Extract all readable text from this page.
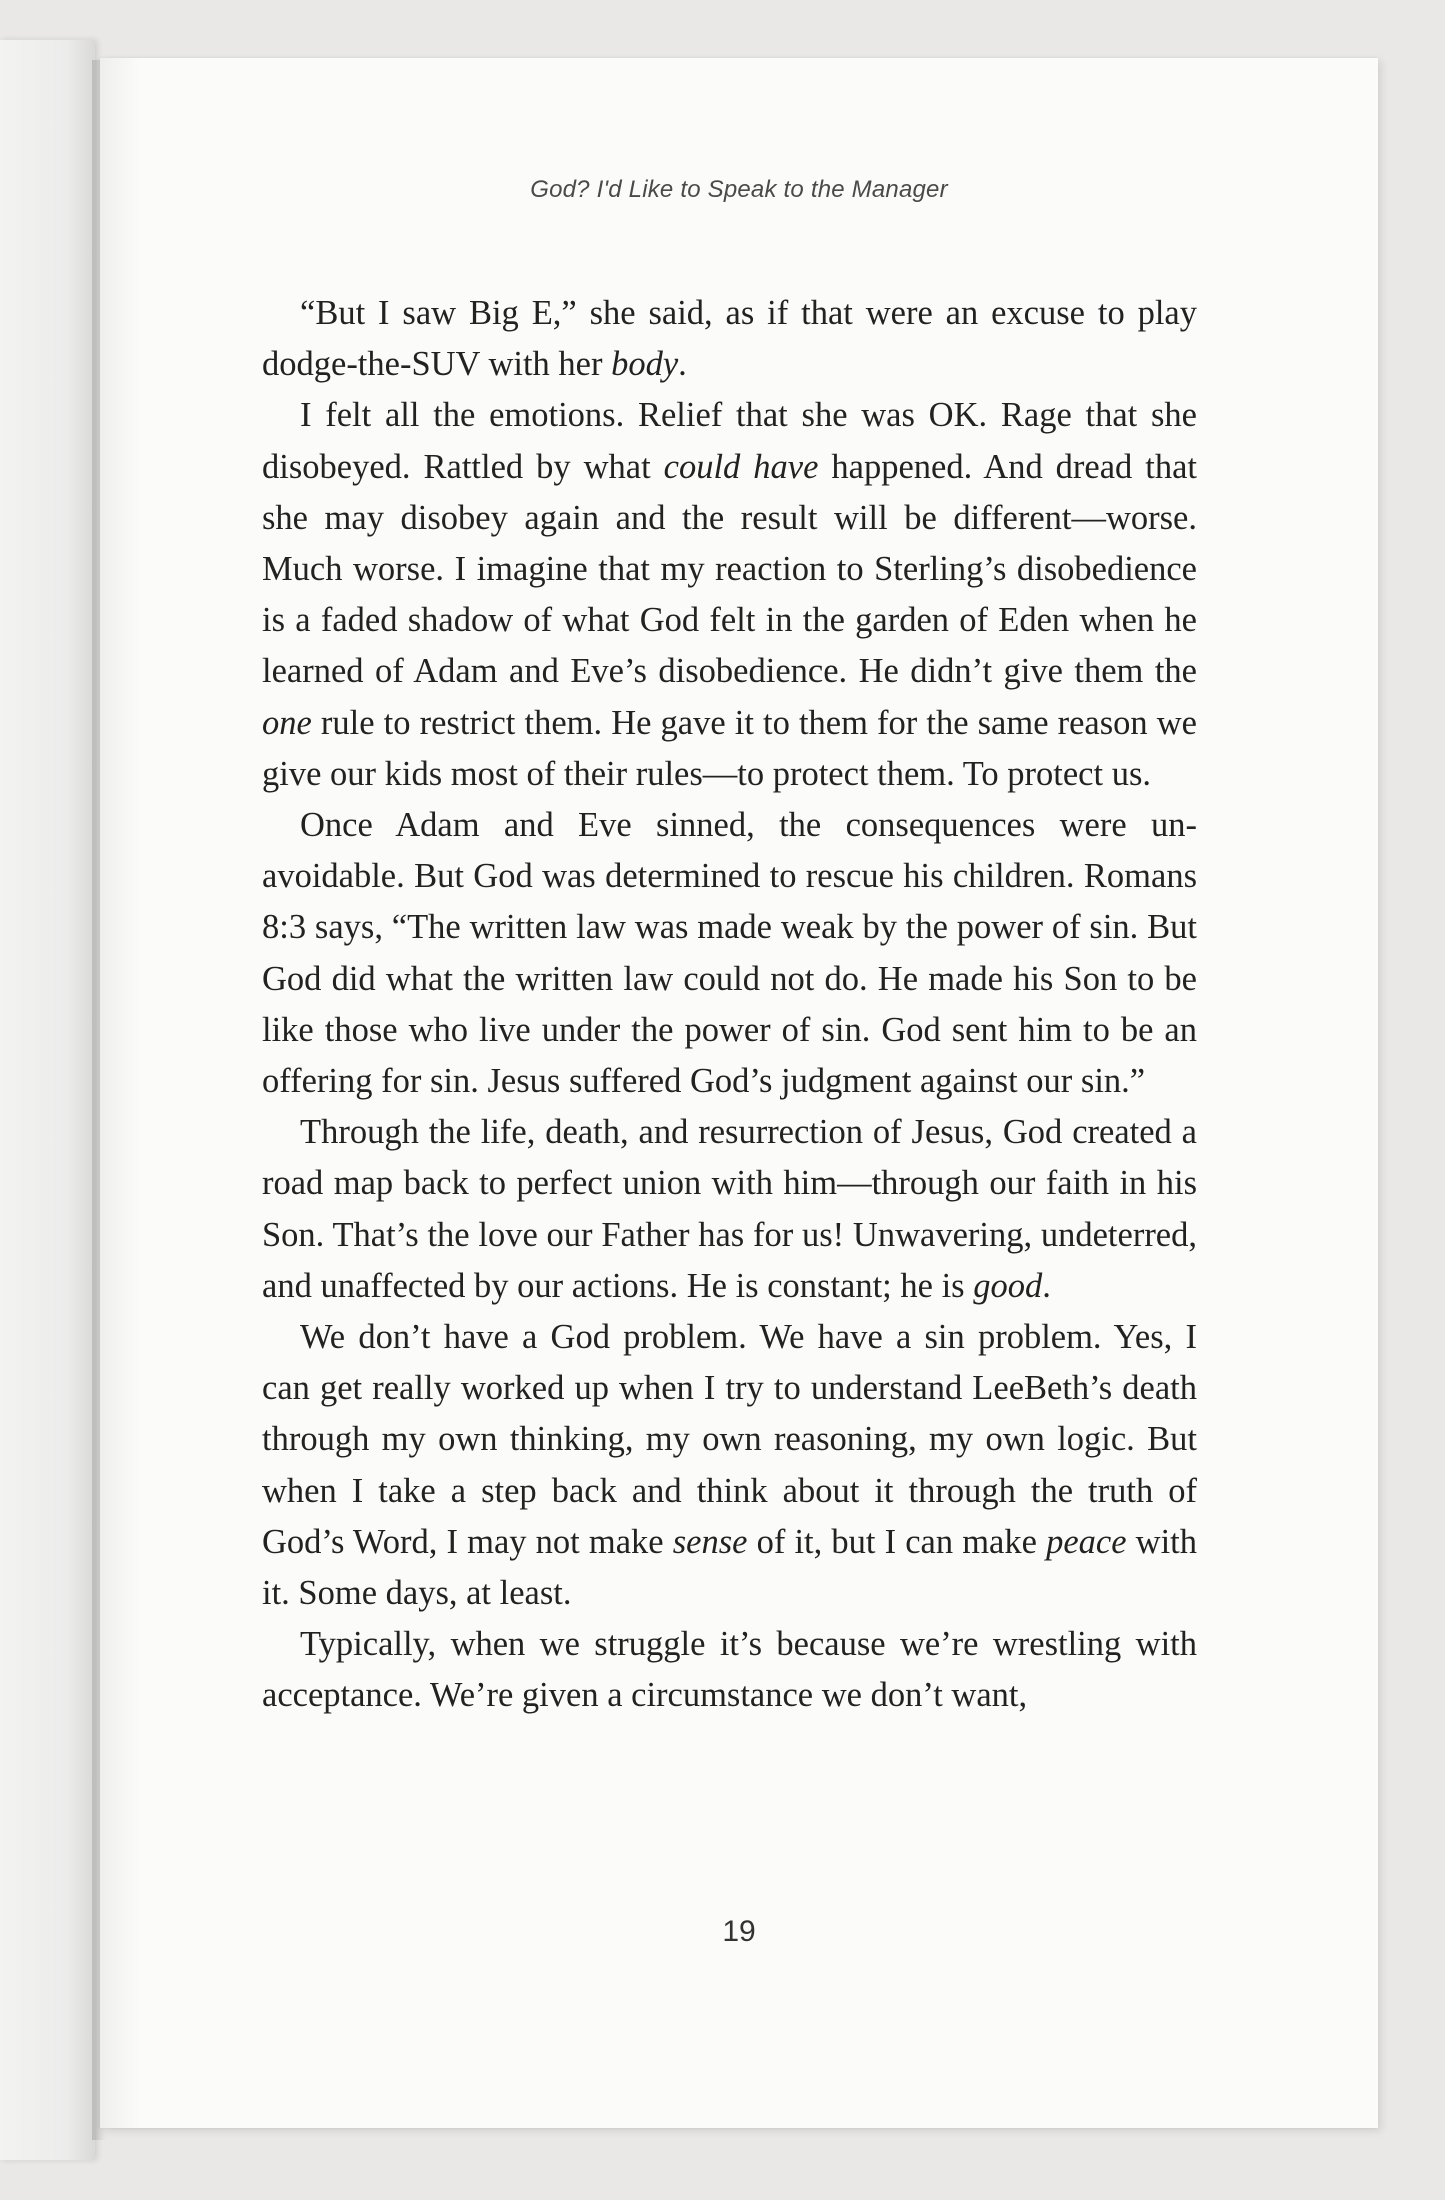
God? I'd Like to Speak to the Manager

“But I saw Big E,” she said, as if that were an excuse to play dodge-the-SUV with her body.

I felt all the emotions. Relief that she was OK. Rage that she disobeyed. Rattled by what could have happened. And dread that she may disobey again and the result will be different—worse. Much worse. I imagine that my reaction to Sterling’s disobedience is a faded shadow of what God felt in the garden of Eden when he learned of Adam and Eve’s disobedience. He didn’t give them the one rule to restrict them. He gave it to them for the same reason we give our kids most of their rules—to protect them. To protect us.

Once Adam and Eve sinned, the consequences were unavoidable. But God was determined to rescue his children. Romans 8:3 says, “The written law was made weak by the power of sin. But God did what the written law could not do. He made his Son to be like those who live under the power of sin. God sent him to be an offering for sin. Jesus suffered God’s judgment against our sin.”

Through the life, death, and resurrection of Jesus, God created a road map back to perfect union with him—through our faith in his Son. That’s the love our Father has for us! Unwavering, undeterred, and unaffected by our actions. He is constant; he is good.

We don’t have a God problem. We have a sin problem. Yes, I can get really worked up when I try to understand LeeBeth’s death through my own thinking, my own reasoning, my own logic. But when I take a step back and think about it through the truth of God’s Word, I may not make sense of it, but I can make peace with it. Some days, at least.

Typically, when we struggle it’s because we’re wrestling with acceptance. We’re given a circumstance we don’t want,

19
